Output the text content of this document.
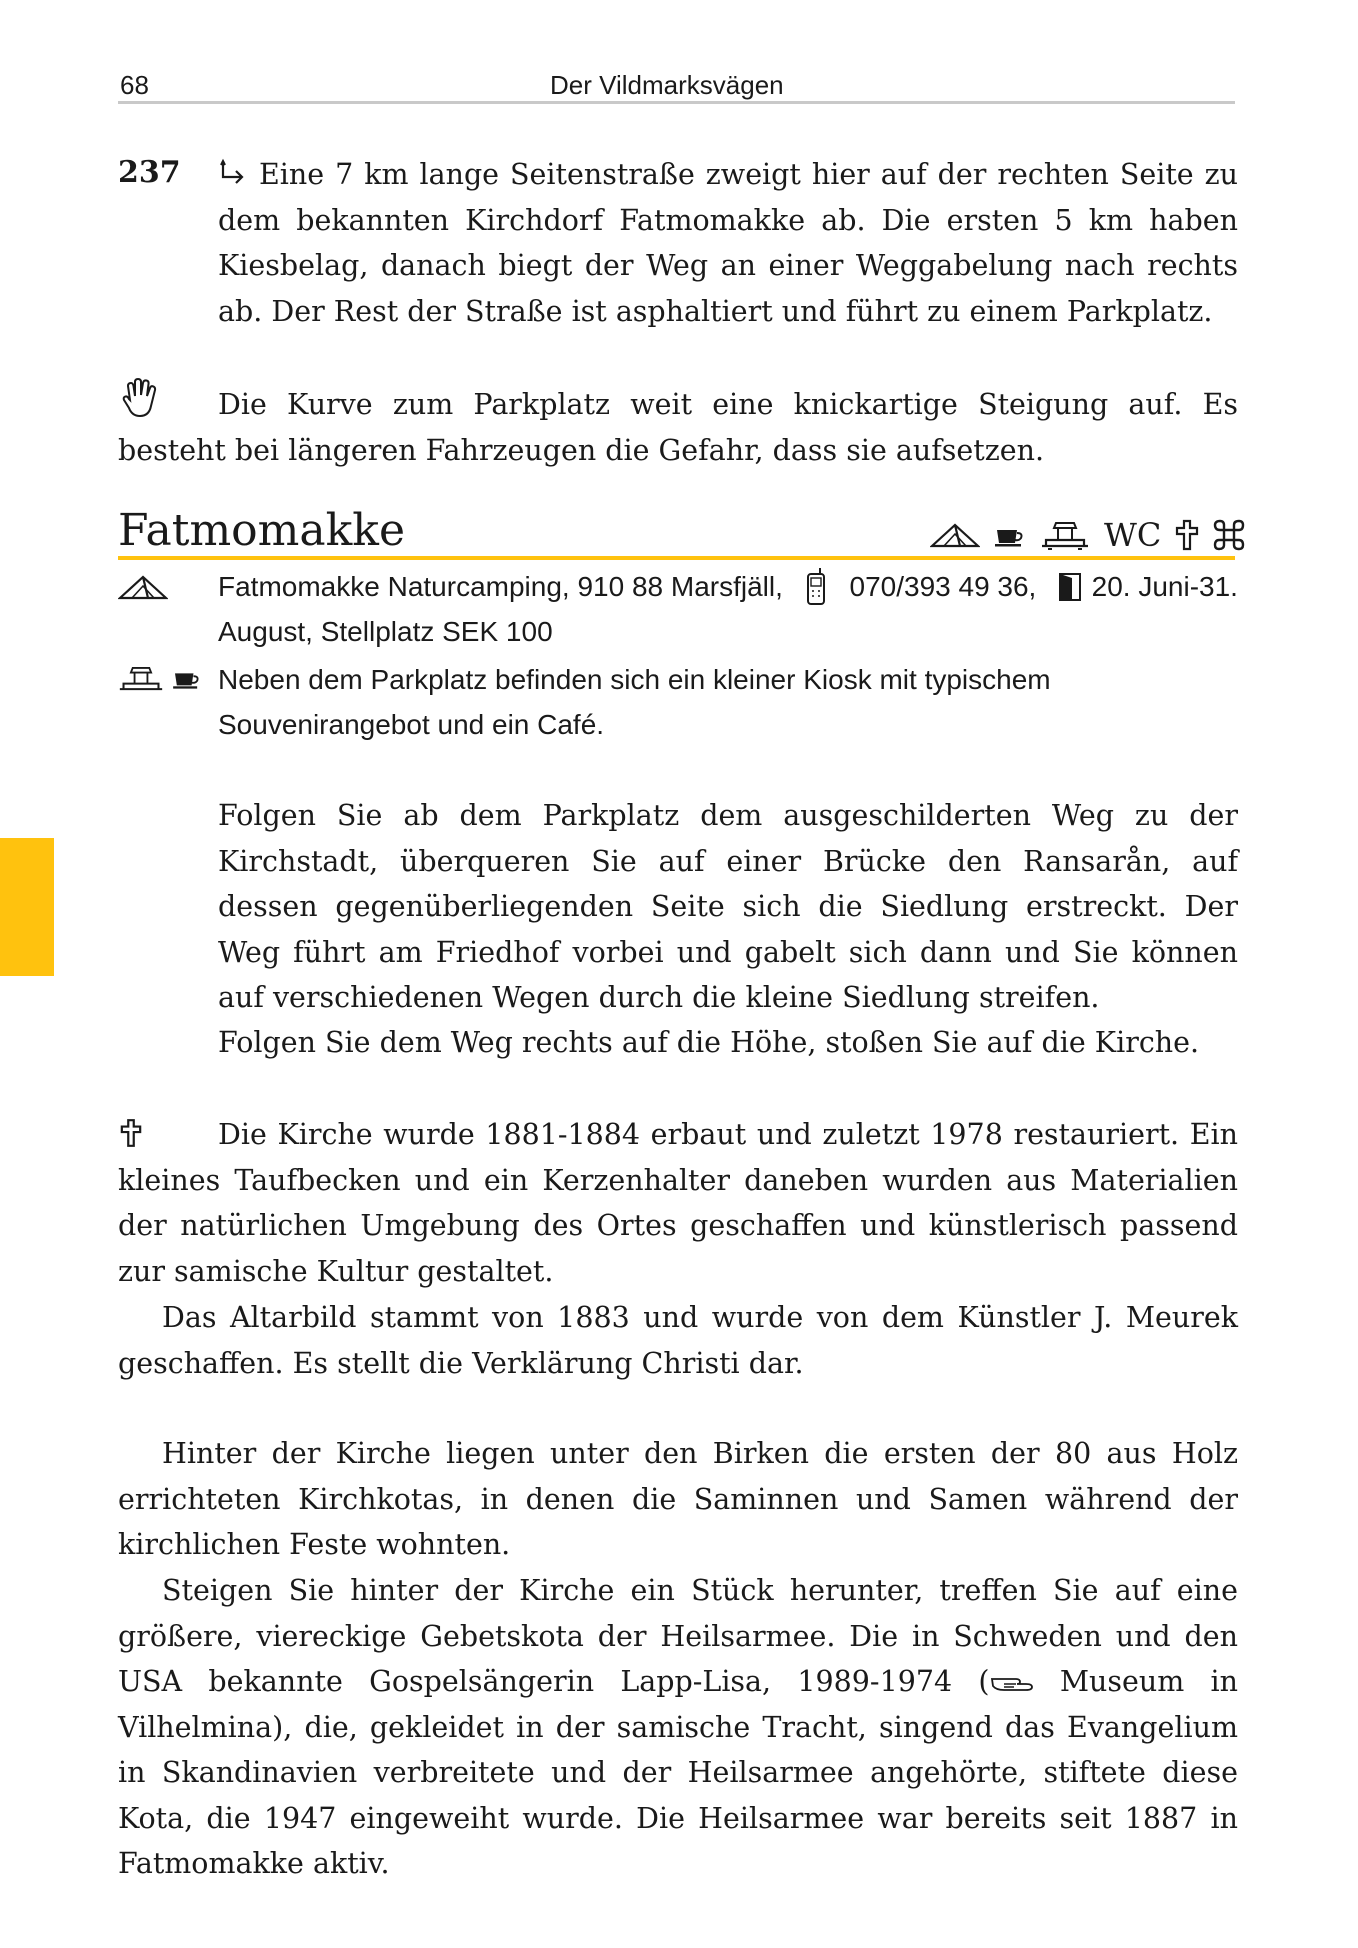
68	Der Vildmarksvägen
237	Eine 7 km lange Seitenstraße zweigt hier auf der rechten Seite zu dem bekannten Kirchdorf Fatmomakke ab. Die ersten 5 km haben Kiesbelag, danach biegt der Weg an einer Weggabelung nach rechts ab. Der Rest der Straße ist asphaltiert und führt zu einem Parkplatz.
Die Kurve zum Parkplatz weit eine knickartige Steigung auf. Es besteht bei längeren Fahrzeugen die Gefahr, dass sie aufsetzen.
Fatmomakke	WC
Fatmomakke Naturcamping, 910 88 Marsfjäll, 070/393 49 36, 20. Juni-31.
August, Stellplatz SEK 100
Neben dem Parkplatz befinden sich ein kleiner Kiosk mit typischem Souvenirangebot und ein Café.
Folgen Sie ab dem Parkplatz dem ausgeschilderten Weg zu der Kirchstadt, überqueren Sie auf einer Brücke den Ransarån, auf dessen gegenüberliegenden Seite sich die Siedlung erstreckt. Der Weg führt am Friedhof vorbei und gabelt sich dann und Sie können auf verschiedenen Wegen durch die kleine Siedlung streifen.
Folgen Sie dem Weg rechts auf die Höhe, stoßen Sie auf die Kirche.
Die Kirche wurde 1881-1884 erbaut und zuletzt 1978 restauriert. Ein kleines Taufbecken und ein Kerzenhalter daneben wurden aus Materialien der natürlichen Umgebung des Ortes geschaffen und künstlerisch passend zur samische Kultur gestaltet.
Das Altarbild stammt von 1883 und wurde von dem Künstler J. Meurek geschaffen. Es stellt die Verklärung Christi dar.
Hinter der Kirche liegen unter den Birken die ersten der 80 aus Holz errichteten Kirchkotas, in denen die Saminnen und Samen während der kirchlichen Feste wohnten.
Steigen Sie hinter der Kirche ein Stück herunter, treffen Sie auf eine größere, viereckige Gebetskota der Heilsarmee. Die in Schweden und den USA bekannte Gospelsängerin Lapp-Lisa, 1989-1974 ( Museum in Vilhelmina), die, gekleidet in der samische Tracht, singend das Evangelium in Skandinavien verbreitete und der Heilsarmee angehörte, stiftete diese Kota, die 1947 eingeweiht wurde. Die Heilsarmee war bereits seit 1887 in Fatmomakke aktiv.
